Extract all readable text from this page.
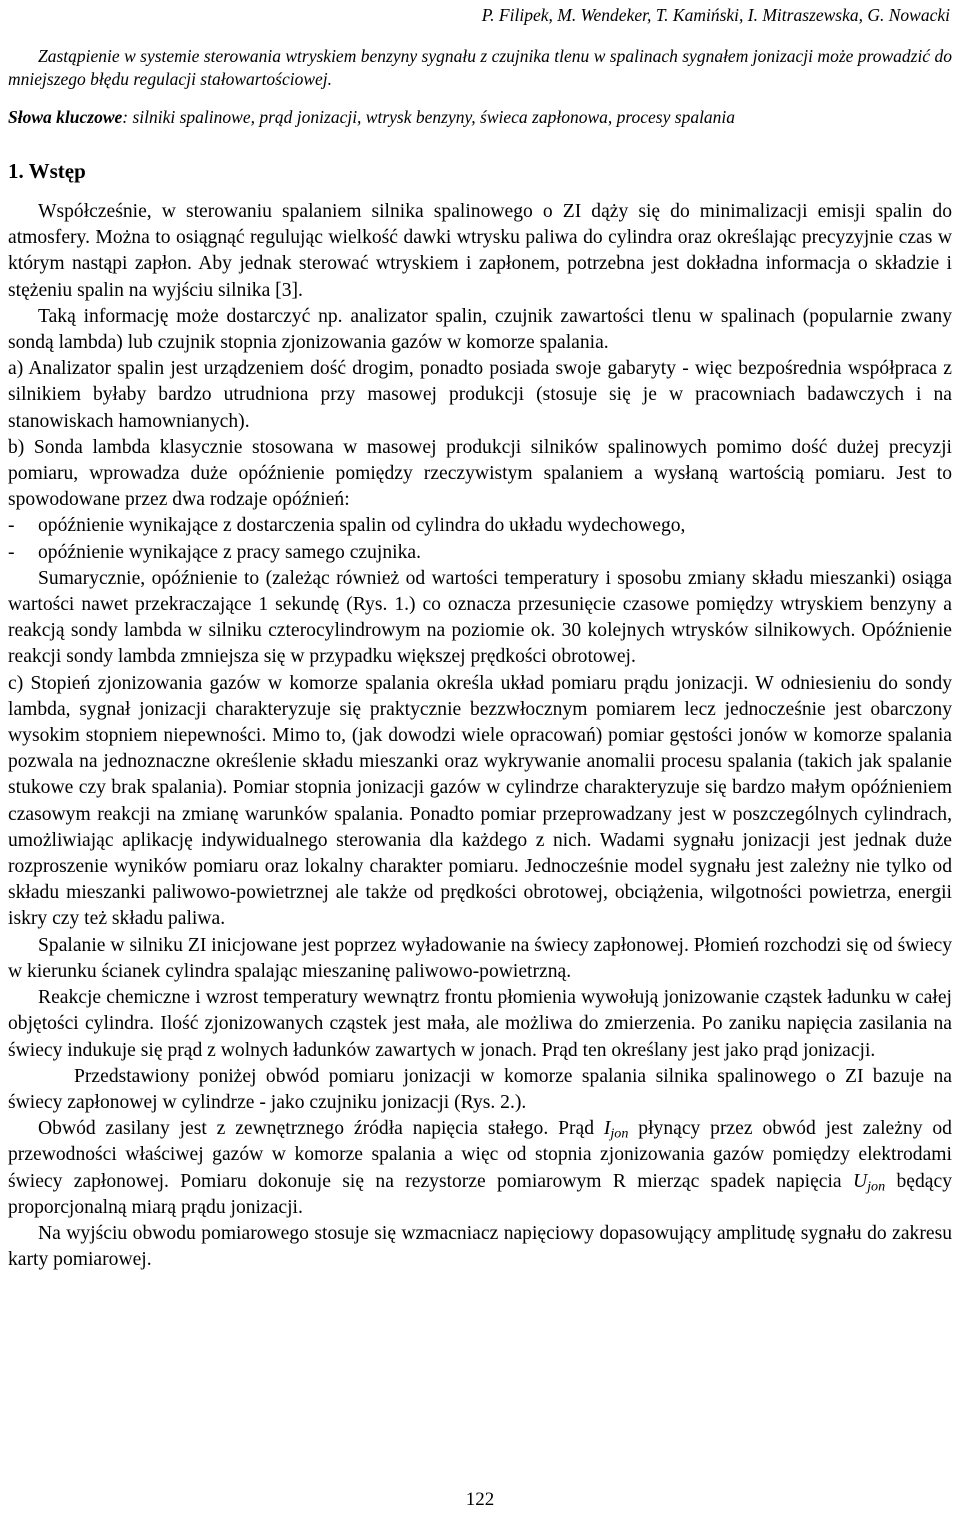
P. Filipek, M. Wendeker, T. Kamiński, I. Mitraszewska, G. Nowacki

Zastąpienie w systemie sterowania wtryskiem benzyny sygnału z czujnika tlenu w spalinach sygnałem jonizacji może prowadzić do mniejszego błędu regulacji stałowartościowej.

Słowa kluczowe: silniki spalinowe, prąd jonizacji, wtrysk benzyny, świeca zapłonowa, procesy spalania

1. Wstęp

Współcześnie, w sterowaniu spalaniem silnika spalinowego o ZI dąży się do minimalizacji emisji spalin do atmosfery. Można to osiągnąć regulując wielkość dawki wtrysku paliwa do cylindra oraz określając precyzyjnie czas w którym nastąpi zapłon. Aby jednak sterować wtryskiem i zapłonem, potrzebna jest dokładna informacja o składzie i stężeniu spalin na wyjściu silnika [3].

Taką informację może dostarczyć np. analizator spalin, czujnik zawartości tlenu w spalinach (popularnie zwany sondą lambda) lub czujnik stopnia zjonizowania gazów w komorze spalania.

a) Analizator spalin jest urządzeniem dość drogim, ponadto posiada swoje gabaryty - więc bezpośrednia współpraca z silnikiem byłaby bardzo utrudniona przy masowej produkcji (stosuje się je w pracowniach badawczych i na stanowiskach hamownianych).

b) Sonda lambda klasycznie stosowana w masowej produkcji silników spalinowych pomimo dość dużej precyzji pomiaru, wprowadza duże opóźnienie pomiędzy rzeczywistym spalaniem a wysłaną wartością pomiaru. Jest to spowodowane przez dwa rodzaje opóźnień:

-	opóźnienie wynikające z dostarczenia spalin od cylindra do układu wydechowego,
-	opóźnienie wynikające z pracy samego czujnika.

Sumarycznie, opóźnienie to (zależąc również od wartości temperatury i sposobu zmiany składu mieszanki) osiąga wartości nawet przekraczające 1 sekundę (Rys. 1.) co oznacza przesunięcie czasowe pomiędzy wtryskiem benzyny a reakcją sondy lambda w silniku czterocylindrowym na poziomie ok. 30 kolejnych wtrysków silnikowych. Opóźnienie reakcji sondy lambda zmniejsza się w przypadku większej prędkości obrotowej.

c) Stopień zjonizowania gazów w komorze spalania określa układ pomiaru prądu jonizacji. W odniesieniu do sondy lambda, sygnał jonizacji charakteryzuje się praktycznie bezzwłocznym pomiarem lecz jednocześnie jest obarczony wysokim stopniem niepewności. Mimo to, (jak dowodzi wiele opracowań) pomiar gęstości jonów w komorze spalania pozwala na jednoznaczne określenie składu mieszanki oraz wykrywanie anomalii procesu spalania (takich jak spalanie stukowe czy brak spalania). Pomiar stopnia jonizacji gazów w cylindrze charakteryzuje się bardzo małym opóźnieniem czasowym reakcji na zmianę warunków spalania. Ponadto pomiar przeprowadzany jest w poszczególnych cylindrach, umożliwiając aplikację indywidualnego sterowania dla każdego z nich. Wadami sygnału jonizacji jest jednak duże rozproszenie wyników pomiaru oraz lokalny charakter pomiaru. Jednocześnie model sygnału jest zależny nie tylko od składu mieszanki paliwowo-powietrznej ale także od prędkości obrotowej, obciążenia, wilgotności powietrza, energii iskry czy też składu paliwa.

Spalanie w silniku ZI inicjowane jest poprzez wyładowanie na świecy zapłonowej. Płomień rozchodzi się od świecy w kierunku ścianek cylindra spalając mieszaninę paliwowo-powietrzną.

Reakcje chemiczne i wzrost temperatury wewnątrz frontu płomienia wywołują jonizowanie cząstek ładunku w całej objętości cylindra. Ilość zjonizowanych cząstek jest mała, ale możliwa do zmierzenia. Po zaniku napięcia zasilania na świecy indukuje się prąd z wolnych ładunków zawartych w jonach. Prąd ten określany jest jako prąd jonizacji.

Przedstawiony poniżej obwód pomiaru jonizacji w komorze spalania silnika spalinowego o ZI bazuje na świecy zapłonowej w cylindrze - jako czujniku jonizacji (Rys. 2.).

Obwód zasilany jest z zewnętrznego źródła napięcia stałego. Prąd $I_{jon}$ płynący przez obwód jest zależny od przewodności właściwej gazów w komorze spalania a więc od stopnia zjonizowania gazów pomiędzy elektrodami świecy zapłonowej. Pomiaru dokonuje się na rezystorze pomiarowym R mierząc spadek napięcia $U_{jon}$ będący proporcjonalną miarą prądu jonizacji.

Na wyjściu obwodu pomiarowego stosuje się wzmacniacz napięciowy dopasowujący amplitudę sygnału do zakresu karty pomiarowej.

122
